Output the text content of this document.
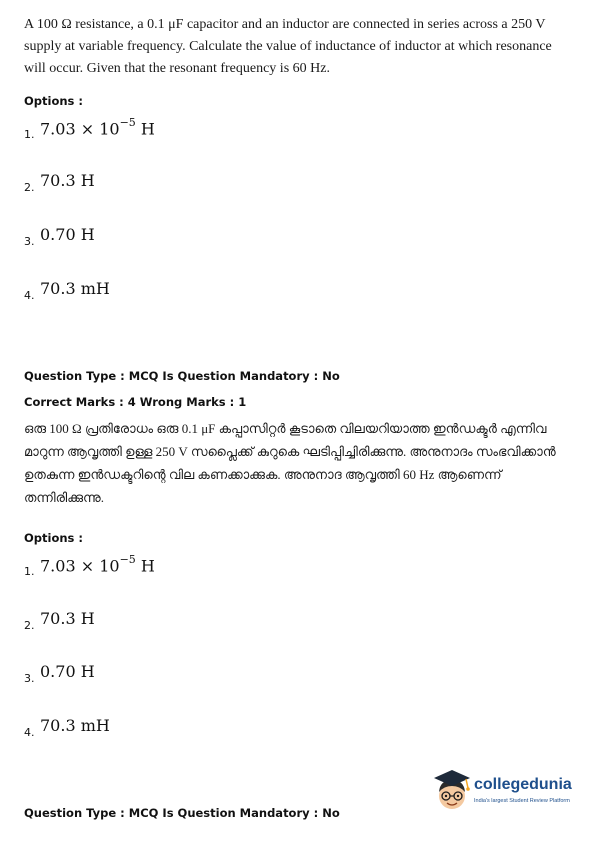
A 100 Ω resistance, a 0.1 μF capacitor and an inductor are connected in series across a 250 V supply at variable frequency. Calculate the value of inductance of inductor at which resonance will occur. Given that the resonant frequency is 60 Hz.
Options :
1. $7.03 \times 10^{-5}$ H
2. 70.3 H
3. 0.70 H
4. 70.3 mH
Question Type : MCQ Is Question Mandatory : No
Correct Marks : 4 Wrong Marks : 1
ഒരു 100 Ω പ്രതിരോധം ഒരു 0.1 μF കപ്പാസിറ്റർ കൂടാതെ വിലയറിയാത്ത ഇൻഡക്ടർ എന്നിവ മാറുന്ന ആവൃത്തി ഉള്ള 250 V സപ്ലൈക്ക് കുറുകെ ഘടിപ്പിച്ചിരിക്കുന്നു. അനുനാദം സംഭവിക്കാൻ ഉതകുന്ന ഇൻഡക്ടറിന്റെ വില കണക്കാക്കുക. അനുനാദ ആവൃത്തി 60 Hz ആണെന്ന് തന്നിരിക്കുന്നു.
Options :
1. $7.03 \times 10^{-5}$ H
2. 70.3 H
3. 0.70 H
4. 70.3 mH
collegedunia
India's largest Student Review Platform
Question Type : MCQ Is Question Mandatory : No
